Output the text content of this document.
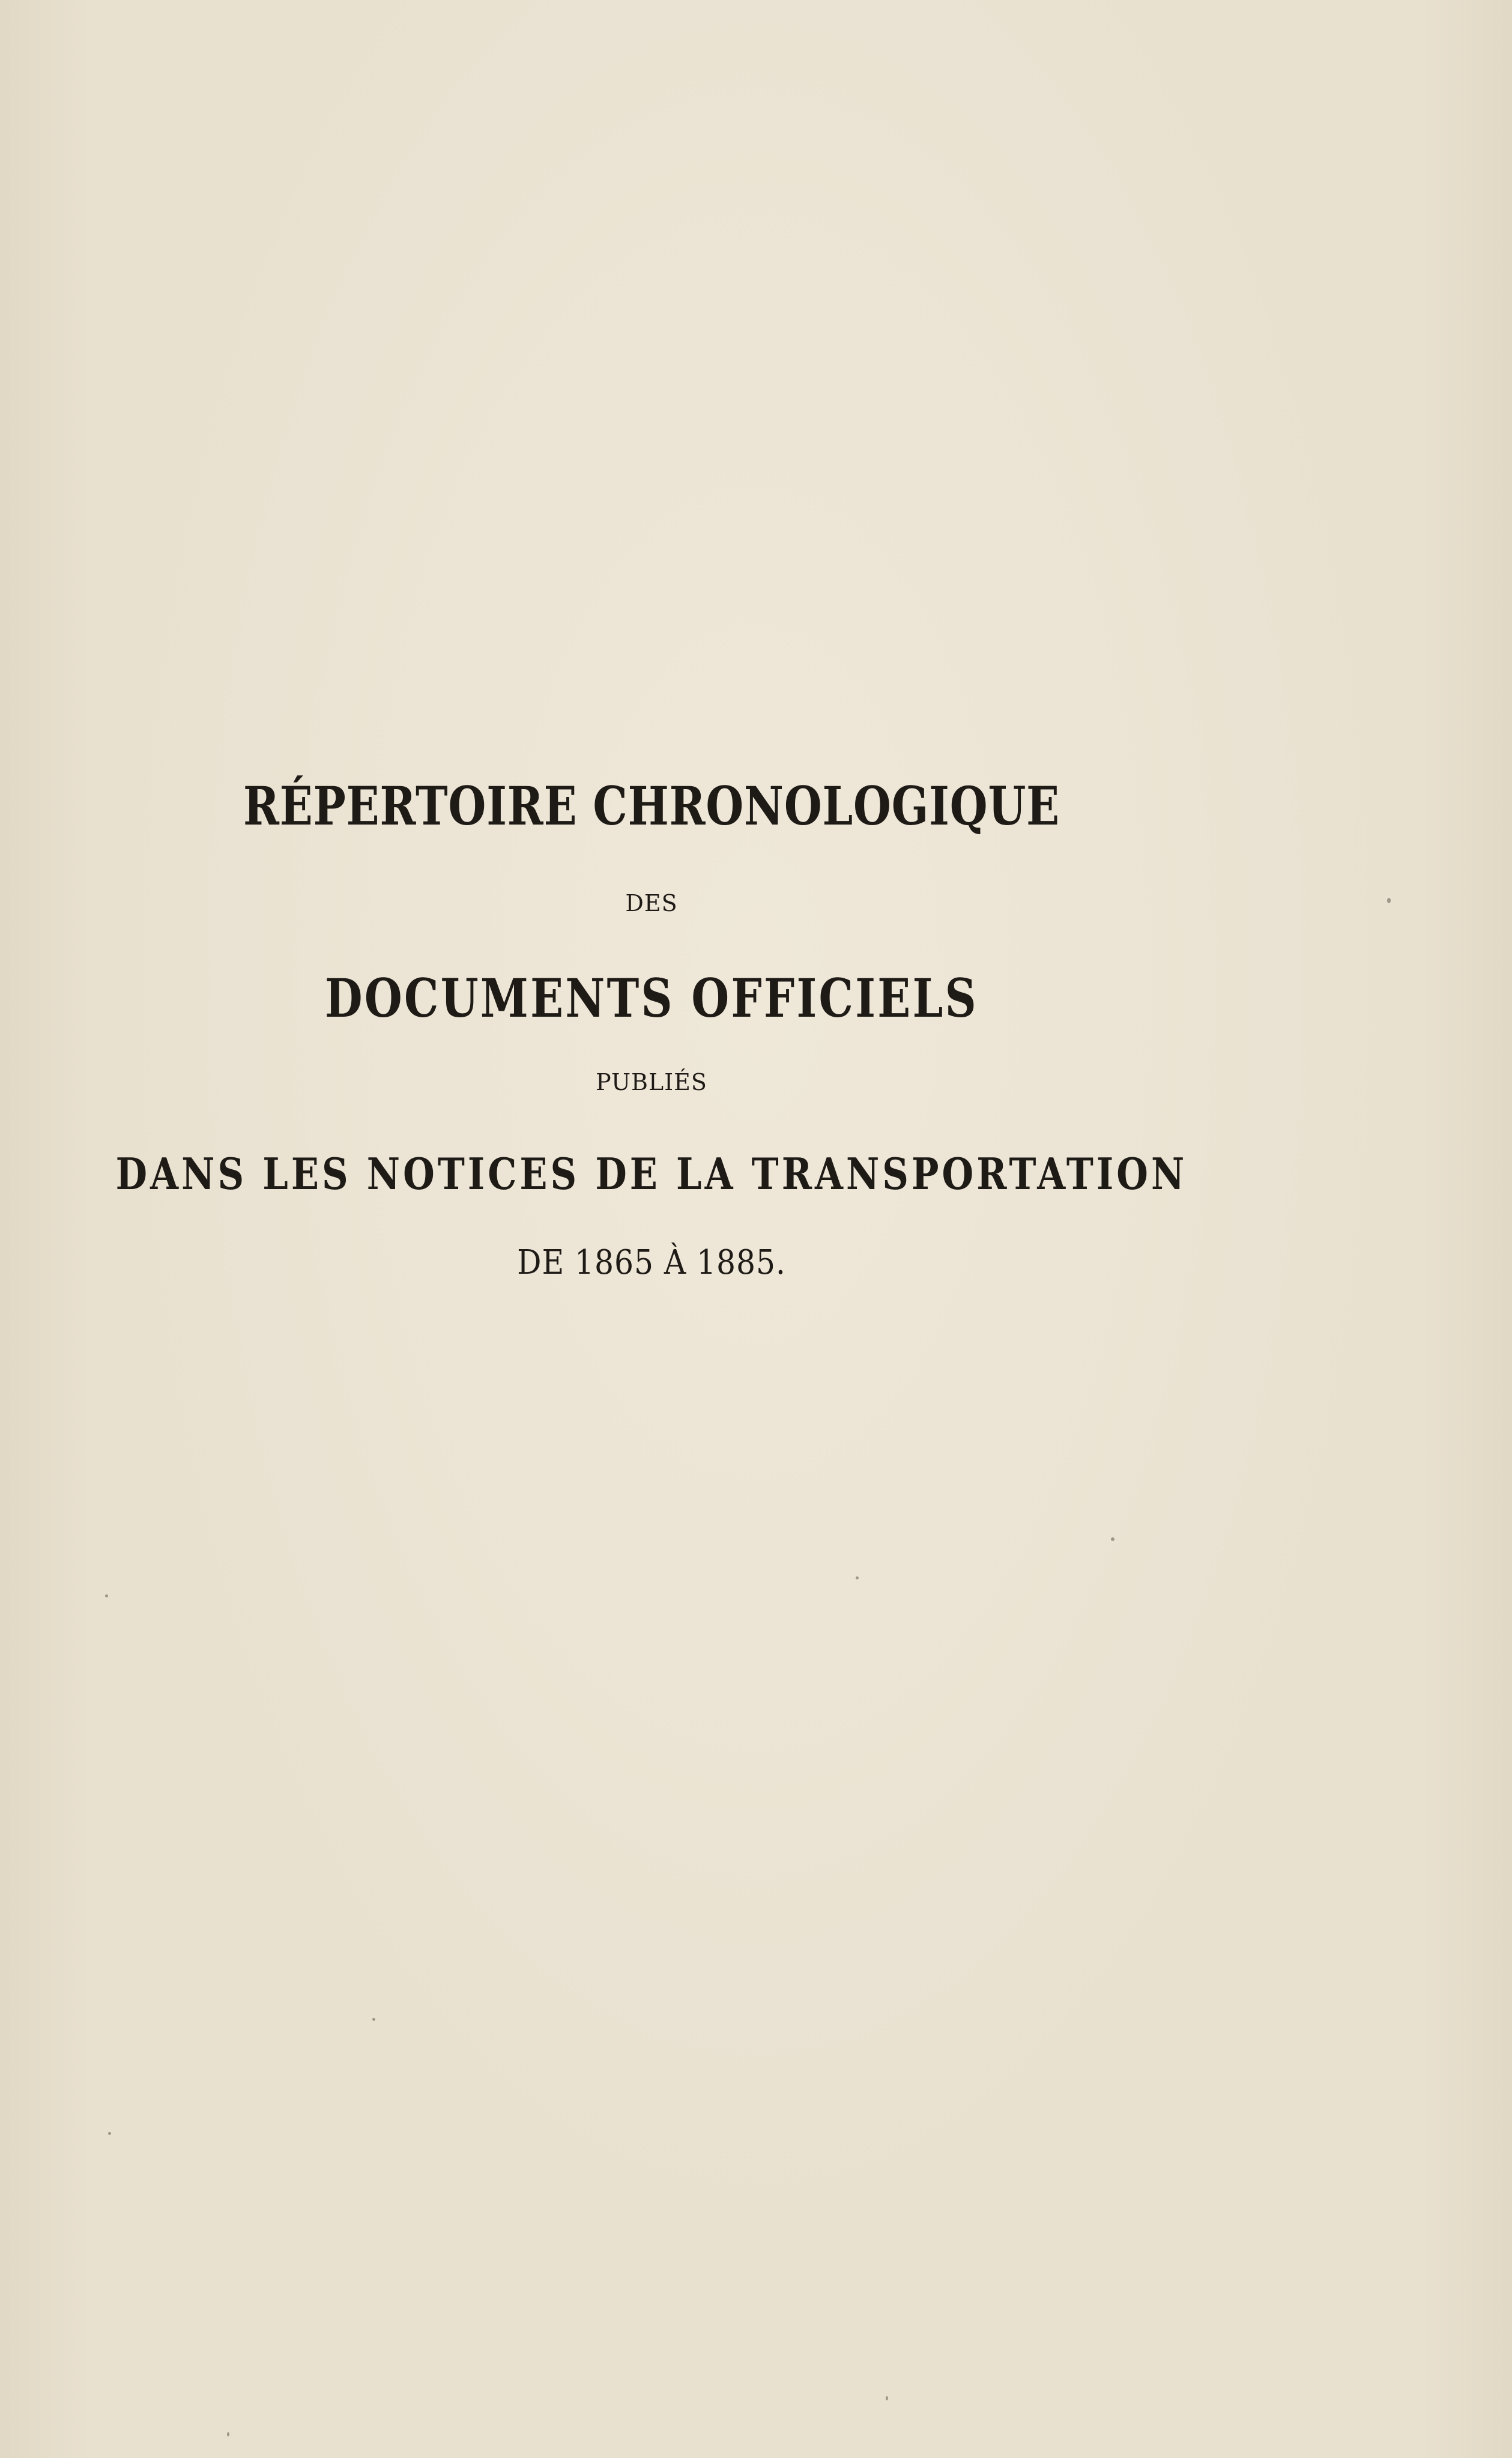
RÉPERTOIRE CHRONOLOGIQUE

DES

DOCUMENTS OFFICIELS

PUBLIÉS

DANS LES NOTICES DE LA TRANSPORTATION

DE 1865 À 1885.
